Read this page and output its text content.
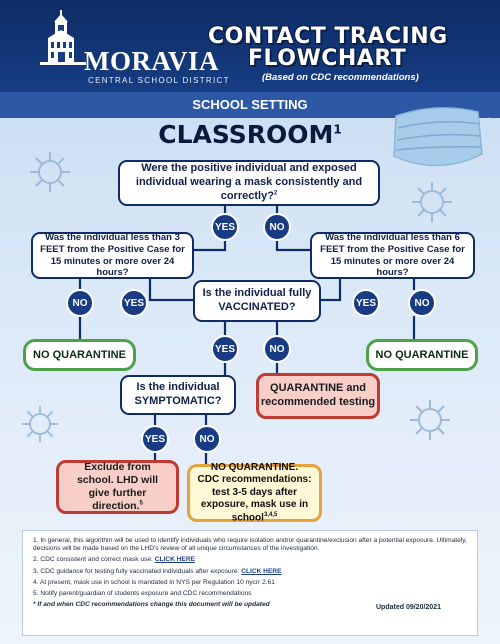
MORAVIA
CENTRAL SCHOOL DISTRICT
CONTACT TRACING
FLOWCHART
(Based on CDC recommendations)
SCHOOL SETTING
CLASSROOM$^1$
Were the positive individual and exposed individual wearing a mask consistently and correctly?$^2$
YES	NO
Was the individual less than 3 FEET from the Positive Case for 15 minutes or more over 24 hours?
Was the individual less than 6 FEET from the Positive Case for 15 minutes or more over 24 hours?
NO	YES	YES	NO
Is the individual fully VACCINATED?
YES	NO
NO QUARANTINE	NO QUARANTINE
Is the individual SYMPTOMATIC?
QUARANTINE and recommended testing
YES	NO
Exclude from school. LHD will give further direction.$^5$
NO QUARANTINE.
CDC recommendations: test 3-5 days after exposure, mask use in school$^{3,4,5}$
1. In general, this algorithm will be used to identify individuals who require isolation and/or quarantine/exclusion after a potential exposure. Ultimately, decisions will be made based on the LHD's review of all unique circumstances of the investigation.
2. CDC consistent and correct mask use: CLICK HERE
3. CDC guidance for testing fully vaccinated individuals after exposure: CLICK HERE
4. At present, mask use in school is mandated in NYS per Regulation 10 nycrr 2.61
5. Notify parent/guardian of students exposure and CDC recommendations
* If and when CDC recommendations change this document will be updated	Updated 09/20/2021
